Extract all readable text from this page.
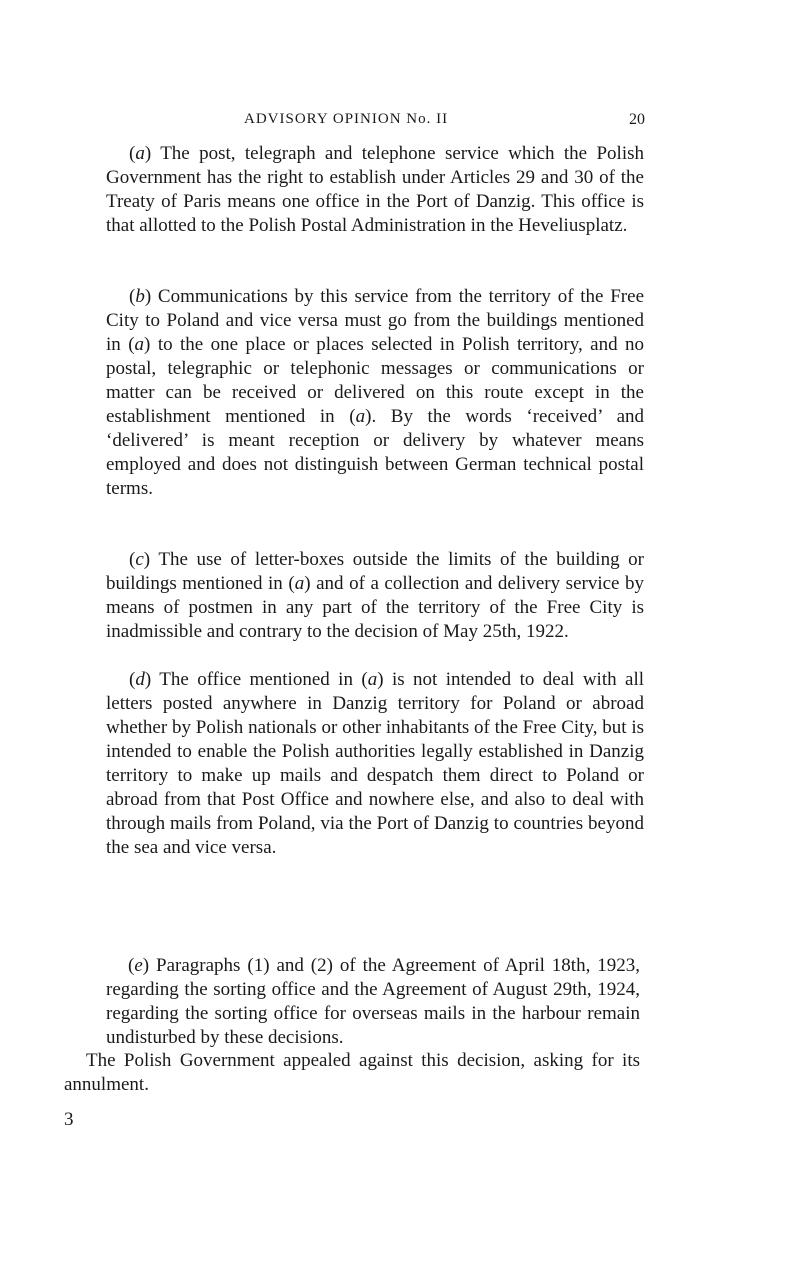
ADVISORY OPINION No. II	20

(a) The post, telegraph and telephone service which the Polish Government has the right to establish under Articles 29 and 30 of the Treaty of Paris means one office in the Port of Danzig. This office is that allotted to the Polish Postal Administration in the Heveliusplatz.

(b) Communications by this service from the territory of the Free City to Poland and vice versa must go from the buildings mentioned in (a) to the one place or places selected in Polish territory, and no postal, telegraphic or telephonic messages or communications or matter can be received or delivered on this route except in the establishment mentioned in (a). By the words ‘received’ and ‘delivered’ is meant reception or delivery by whatever means employed and does not distinguish between German technical postal terms.

(c) The use of letter-boxes outside the limits of the building or buildings mentioned in (a) and of a collection and delivery service by means of postmen in any part of the territory of the Free City is inadmissible and contrary to the decision of May 25th, 1922.

(d) The office mentioned in (a) is not intended to deal with all letters posted anywhere in Danzig territory for Poland or abroad whether by Polish nationals or other inhabitants of the Free City, but is intended to enable the Polish authorities legally established in Danzig territory to make up mails and despatch them direct to Poland or abroad from that Post Office and nowhere else, and also to deal with through mails from Poland, via the Port of Danzig to countries beyond the sea and vice versa.

(e) Paragraphs (1) and (2) of the Agreement of April 18th, 1923, regarding the sorting office and the Agreement of August 29th, 1924, regarding the sorting office for overseas mails in the harbour remain undisturbed by these decisions.

The Polish Government appealed against this decision, asking for its annulment.

3
